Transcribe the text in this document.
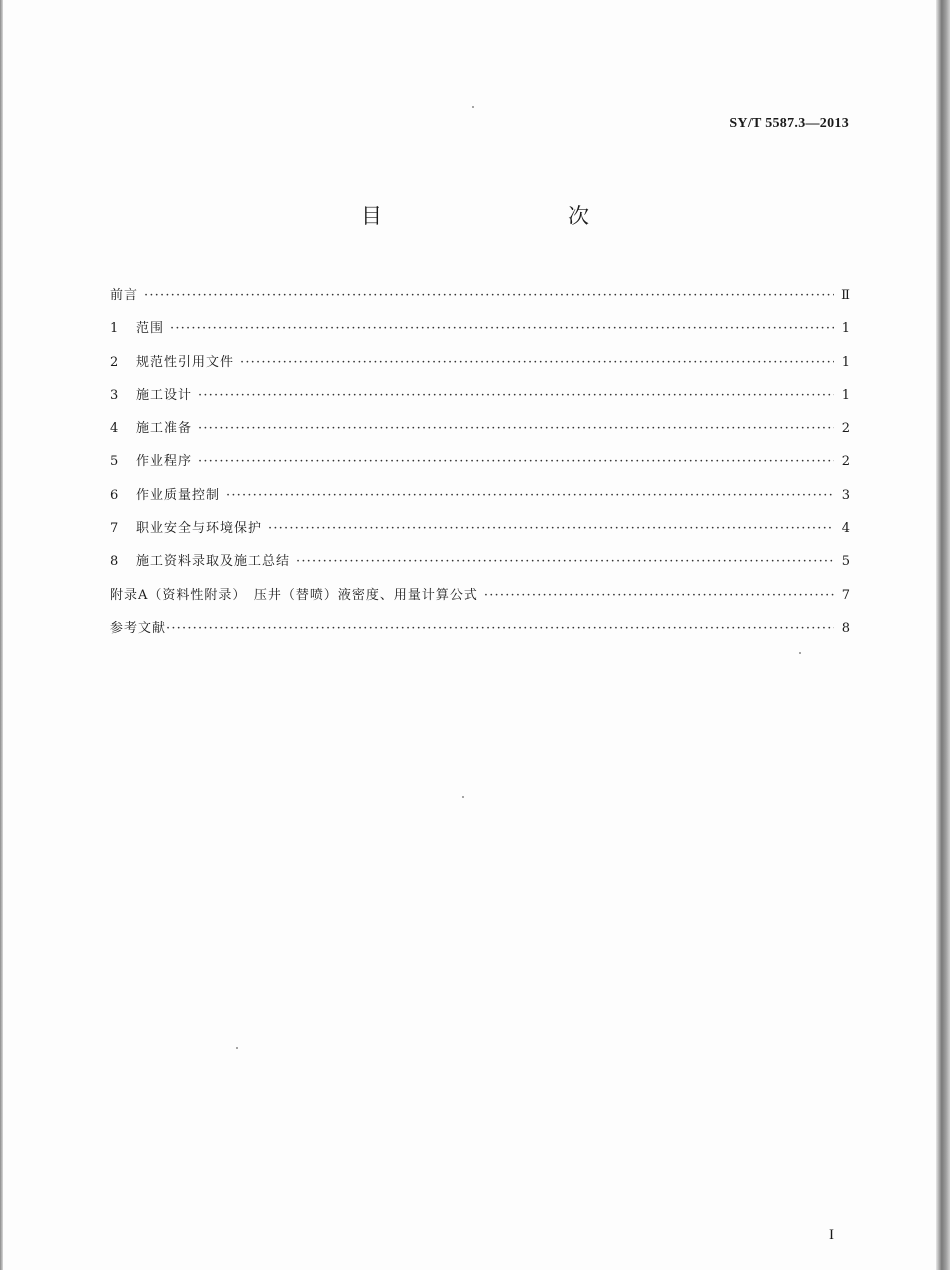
SY/T 5587.3—2013
目　　次
前言 ·····	Ⅱ
1	范围 ·····	1
2	规范性引用文件 ·····	1
3	施工设计 ·····	1
4	施工准备 ·····	2
5	作业程序 ·····	2
6	作业质量控制 ·····	3
7	职业安全与环境保护 ·····	4
8	施工资料录取及施工总结 ·····	5
附录A（资料性附录）　压井（替喷）液密度、用量计算公式 ·····	7
参考文献 ·····	8
I
